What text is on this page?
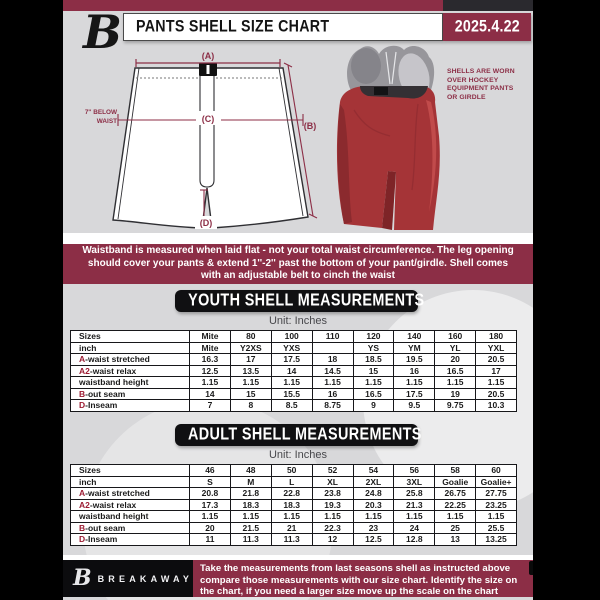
B PANTS SHELL SIZE CHART	2025.4.22
(A)
(C)
7'' BELOW
WAIST	(B)
(D)
SHELLS ARE WORN OVER HOCKEY EQUIPMENT PANTS OR GIRDLE
Waistband is measured when laid flat - not your total waist circumference. The leg opening should cover your pants & extend 1''-2'' past the bottom of your pant/girdle. Shell comes with an adjustable belt to cinch the waist
YOUTH SHELL MEASUREMENTS
Unit: Inches
Sizes	Mite	80	100	110	120	140	160	180
inch	Mite	Y2XS	YXS		YS	YM	YL	YXL
A-waist stretched	16.3	17	17.5	18	18.5	19.5	20	20.5
A2-waist relax	12.5	13.5	14	14.5	15	16	16.5	17
waistband height	1.15	1.15	1.15	1.15	1.15	1.15	1.15	1.15
B-out seam	14	15	15.5	16	16.5	17.5	19	20.5
D-Inseam	7	8	8.5	8.75	9	9.5	9.75	10.3
ADULT SHELL MEASUREMENTS
Unit: Inches
Sizes	46	48	50	52	54	56	58	60
inch	S	M	L	XL	2XL	3XL	Goalie	Goalie+
A-waist stretched	20.8	21.8	22.8	23.8	24.8	25.8	26.75	27.75
A2-waist relax	17.3	18.3	18.3	19.3	20.3	21.3	22.25	23.25
waistband height	1.15	1.15	1.15	1.15	1.15	1.15	1.15	1.15
B-out seam	20	21.5	21	22.3	23	24	25	25.5
D-Inseam	11	11.3	11.3	12	12.5	12.8	13	13.25
B BREAKAWAY
Take the measurements from last seasons shell as instructed above compare those measurements with our size chart. Identify the size on the chart, if you need a larger size move up the scale on the chart
